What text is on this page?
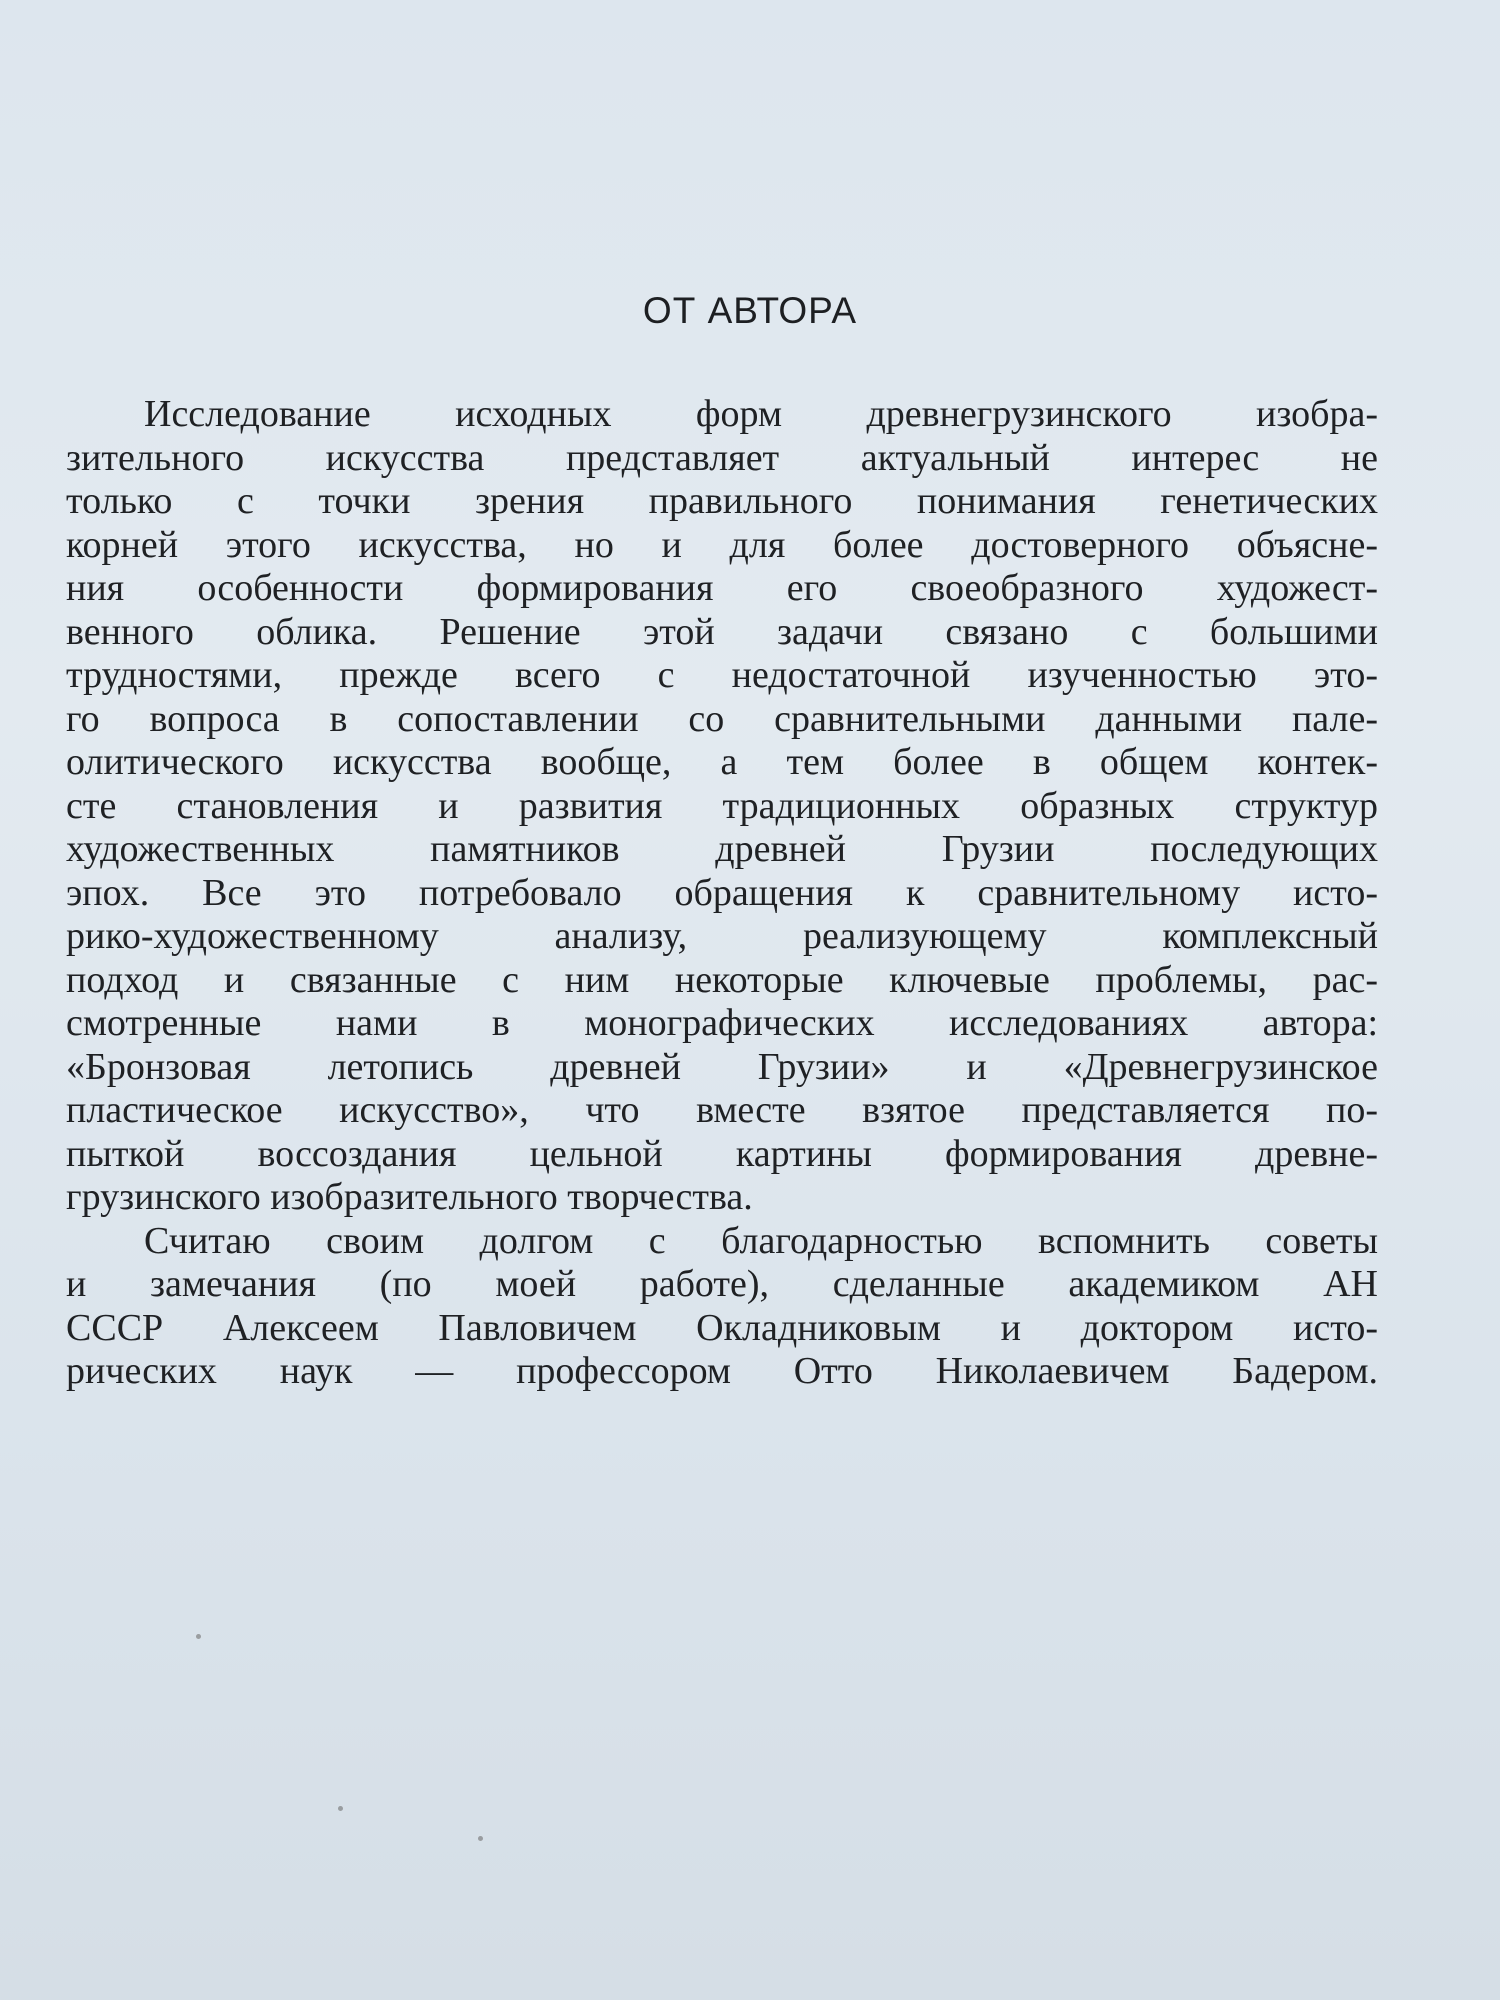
ОТ АВТОРА
Исследование исходных форм древнегрузинского изобра-
зительного искусства представляет актуальный интерес не
только с точки зрения правильного понимания генетических
корней этого искусства, но и для более достоверного объясне-
ния особенности формирования его своеобразного художест-
венного облика. Решение этой задачи связано с большими
трудностями, прежде всего с недостаточной изученностью это-
го вопроса в сопоставлении со сравнительными данными пале-
олитического искусства вообще, а тем более в общем контек-
сте становления и развития традиционных образных структур
художественных памятников древней Грузии последующих
эпох. Все это потребовало обращения к сравнительному исто-
рико-художественному анализу, реализующему комплексный
подход и связанные с ним некоторые ключевые проблемы, рас-
смотренные нами в монографических исследованиях автора:
«Бронзовая летопись древней Грузии» и «Древнегрузинское
пластическое искусство», что вместе взятое представляется по-
пыткой воссоздания цельной картины формирования древне-
грузинского изобразительного творчества.
Считаю своим долгом с благодарностью вспомнить советы
и замечания (по моей работе), сделанные академиком АН
СССР Алексеем Павловичем Окладниковым и доктором исто-
рических наук — профессором Отто Николаевичем Бадером.
